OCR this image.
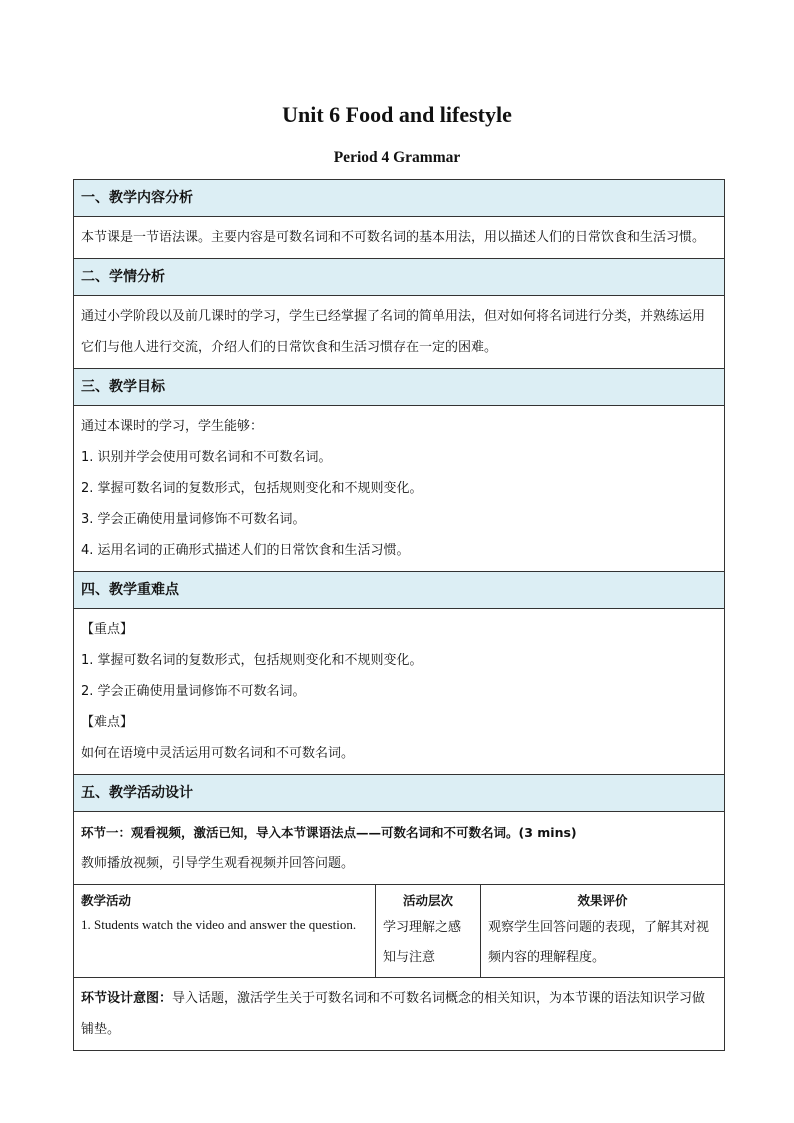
Unit 6 Food and lifestyle
Period 4 Grammar
一、教学内容分析

本节课是一节语法课。主要内容是可数名词和不可数名词的基本用法，用以描述人们的日常饮食和生活习惯。

二、学情分析

通过小学阶段以及前几课时的学习，学生已经掌握了名词的简单用法，但对如何将名词进行分类，并熟练运用它们与他人进行交流，介绍人们的日常饮食和生活习惯存在一定的困难。

三、教学目标

通过本课时的学习，学生能够：

1. 识别并学会使用可数名词和不可数名词。

2. 掌握可数名词的复数形式，包括规则变化和不规则变化。

3. 学会正确使用量词修饰不可数名词。

4. 运用名词的正确形式描述人们的日常饮食和生活习惯。

四、教学重难点

【重点】

1. 掌握可数名词的复数形式，包括规则变化和不规则变化。

2. 学会正确使用量词修饰不可数名词。

【难点】

如何在语境中灵活运用可数名词和不可数名词。

五、教学活动设计

环节一：观看视频，激活已知，导入本节课语法点——可数名词和不可数名词。(3 mins)

教师播放视频，引导学生观看视频并回答问题。

教学活动
1. Students watch the video and answer the question.
活动层次
学习理解之感知与注意
效果评价
观察学生回答问题的表现，了解其对视频内容的理解程度。

环节设计意图：导入话题，激活学生关于可数名词和不可数名词概念的相关知识，为本节课的语法知识学习做铺垫。
